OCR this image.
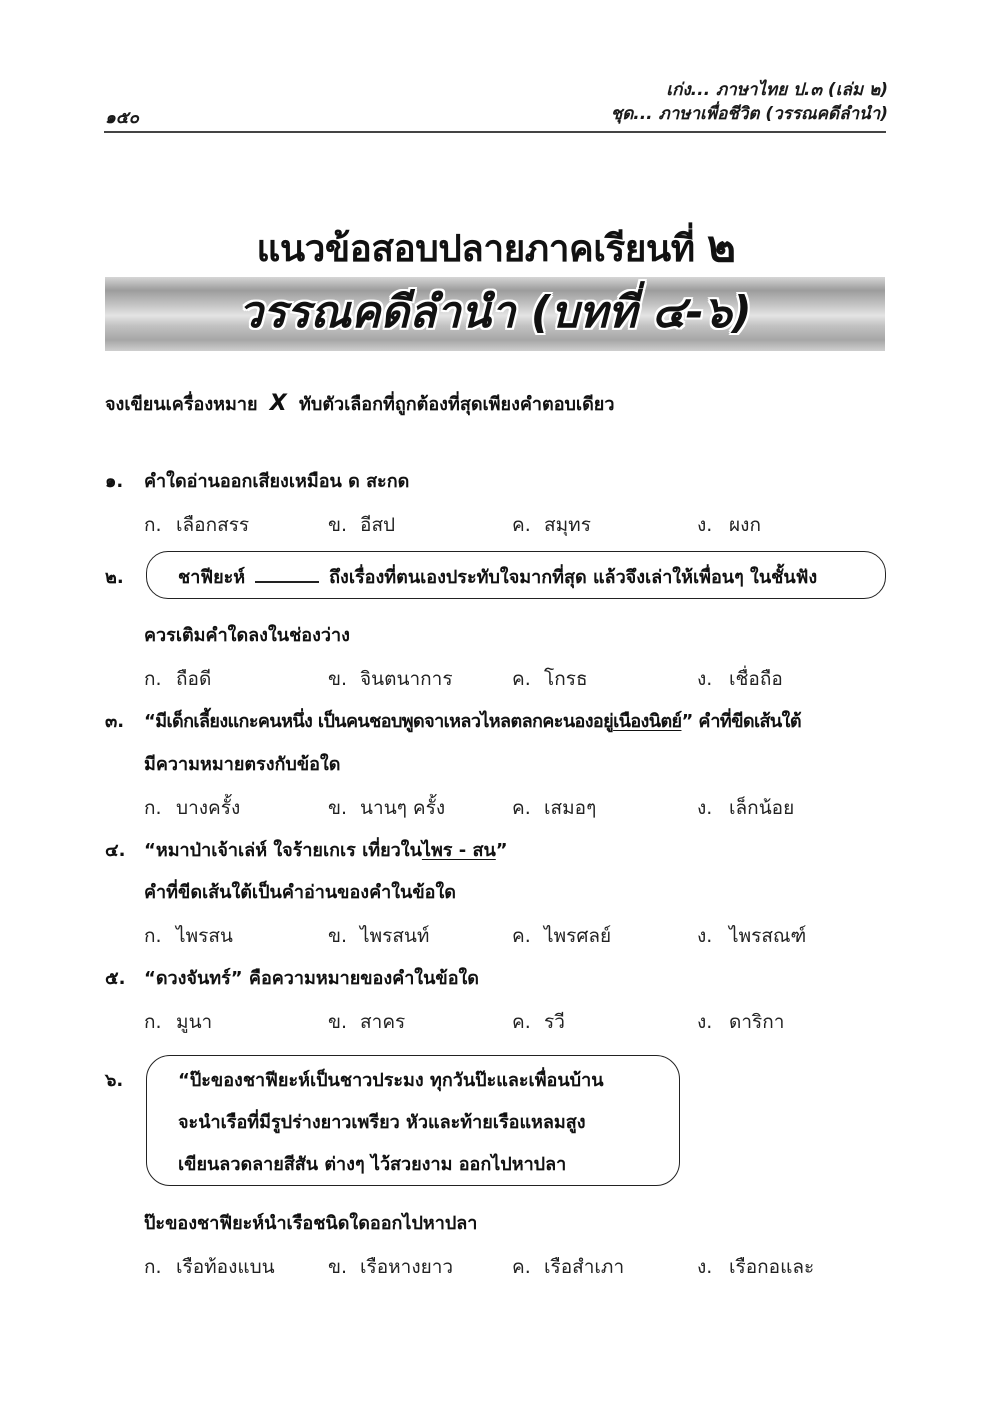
เก่ง... ภาษาไทย ป.๓ (เล่ม ๒)
ชุด... ภาษาเพื่อชีวิต (วรรณคดีลำนำ)
๑๕๐
แนวข้อสอบปลายภาคเรียนที่ ๒
วรรณคดีลำนำ (บทที่ ๔-๖)
จงเขียนเครื่องหมาย X ทับตัวเลือกที่ถูกต้องที่สุดเพียงคำตอบเดียว
๑. คำใดอ่านออกเสียงเหมือน ด สะกด
ก. เลือกสรร	ข. อีสป	ค. สมุทร	ง. ผงก
๒.	ชาฟียะห์	ถึงเรื่องที่ตนเองประทับใจมากที่สุด แล้วจึงเล่าให้เพื่อนๆ ในชั้นฟัง
ควรเติมคำใดลงในช่องว่าง
ก. ถือดี	ข. จินตนาการ	ค. โกรธ	ง. เชื่อถือ
๓. “มีเด็กเลี้ยงแกะคนหนึ่ง เป็นคนชอบพูดจาเหลวไหลตลกคะนองอยู่เนืองนิตย์” คำที่ขีดเส้นใต้
มีความหมายตรงกับข้อใด
ก. บางครั้ง	ข. นานๆ ครั้ง	ค. เสมอๆ	ง. เล็กน้อย
๔. “หมาป่าเจ้าเล่ห์ ใจร้ายเกเร เที่ยวในไพร - สน”
คำที่ขีดเส้นใต้เป็นคำอ่านของคำในข้อใด
ก. ไพรสน	ข. ไพรสนท์	ค. ไพรศลย์	ง. ไพรสณฑ์
๕. “ดวงจันทร์” คือความหมายของคำในข้อใด
ก. มูนา	ข. สาคร	ค. รวี	ง. ดาริกา
๖.	“ป๊ะของชาฟียะห์เป็นชาวประมง ทุกวันป๊ะและเพื่อนบ้าน
จะนำเรือที่มีรูปร่างยาวเพรียว หัวและท้ายเรือแหลมสูง
เขียนลวดลายสีสัน ต่างๆ ไว้สวยงาม ออกไปหาปลา
ป๊ะของชาฟียะห์นำเรือชนิดใดออกไปหาปลา
ก. เรือท้องแบน	ข. เรือหางยาว	ค. เรือสำเภา	ง. เรือกอและ
